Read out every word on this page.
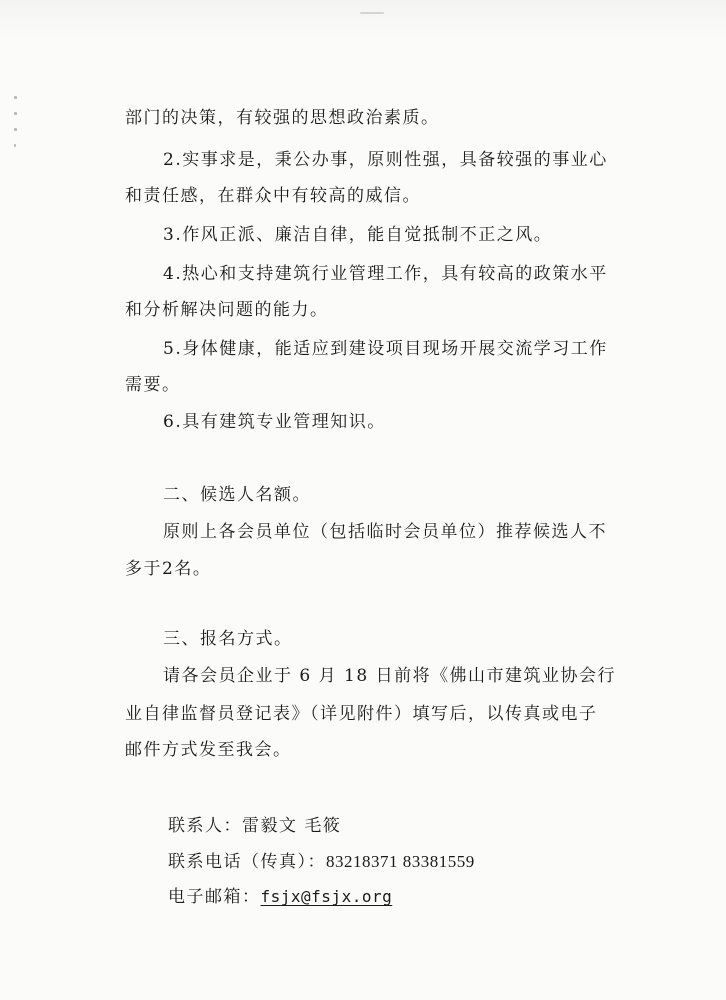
部门的决策，有较强的思想政治素质。
2.实事求是，秉公办事，原则性强，具备较强的事业心
和责任感，在群众中有较高的威信。
3.作风正派、廉洁自律，能自觉抵制不正之风。
4.热心和支持建筑行业管理工作，具有较高的政策水平
和分析解决问题的能力。
5.身体健康，能适应到建设项目现场开展交流学习工作
需要。
6.具有建筑专业管理知识。
二、候选人名额。
原则上各会员单位（包括临时会员单位）推荐候选人不
多于2名。
三、报名方式。
请各会员企业于 6 月 18 日前将《佛山市建筑业协会行
业自律监督员登记表》（详见附件）填写后，以传真或电子
邮件方式发至我会。
联系人：雷毅文 毛筱
联系电话（传真）：83218371 83381559
电子邮箱：fsjx@fsjx.org
